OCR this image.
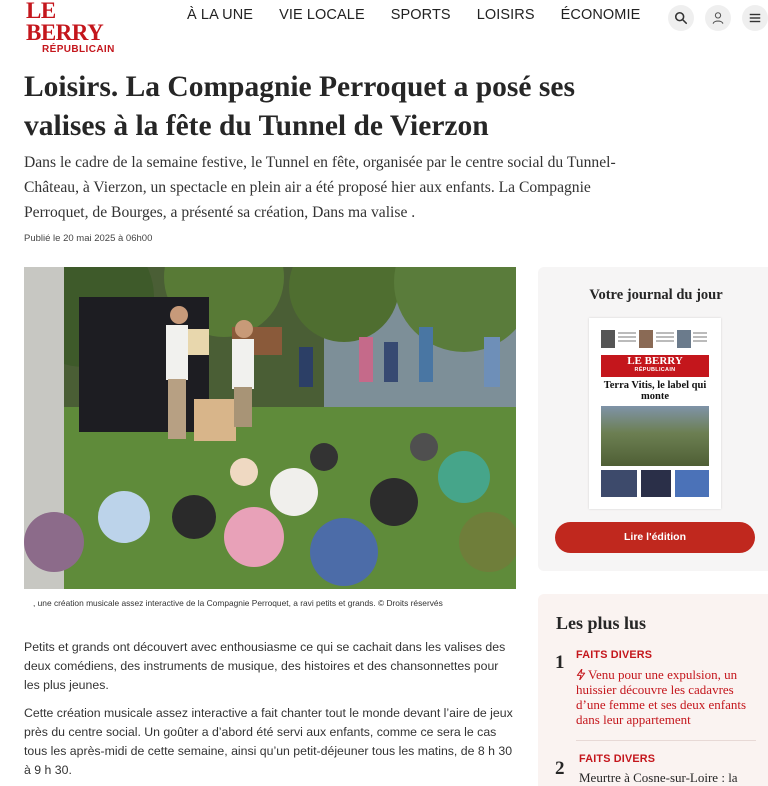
LE BERRY
RÉPUBLICAIN
À LA UNE VIE LOCALE SPORTS LOISIRS ÉCONOMIE
Loisirs. La Compagnie Perroquet a posé ses valises à la fête du Tunnel de Vierzon

Dans le cadre de la semaine festive, le Tunnel en fête, organisée par le centre social du Tunnel-Château, à Vierzon, un spectacle en plein air a été proposé hier aux enfants. La Compagnie Perroquet, de Bourges, a présenté sa création, Dans ma valise .

Publié le 20 mai 2025 à 06h00
, une création musicale assez interactive de la Compagnie Perroquet, a ravi petits et grands. © Droits réservés

Petits et grands ont découvert avec enthousiasme ce qui se cachait dans les valises des deux comédiens, des instruments de musique, des histoires et des chansonnettes pour les plus jeunes.

Cette création musicale assez interactive a fait chanter tout le monde devant l’aire de jeux près du centre social. Un goûter a d’abord été servi aux enfants, comme ce sera le cas tous les après-midi de cette semaine, ainsi qu’un petit-déjeuner tous les matins, de 8 h 30 à 9 h 30.

Votre journal du jour
LE BERRY
RÉPUBLICAIN
Terra Vitis, le label qui monte
Lire l'édition
Les plus lus
1 FAITS DIVERS
Venu pour une expulsion, un huissier découvre les cadavres d’une femme et ses deux enfants dans leur appartement
2 FAITS DIVERS
Meurtre à Cosne-sur-Loire : la
